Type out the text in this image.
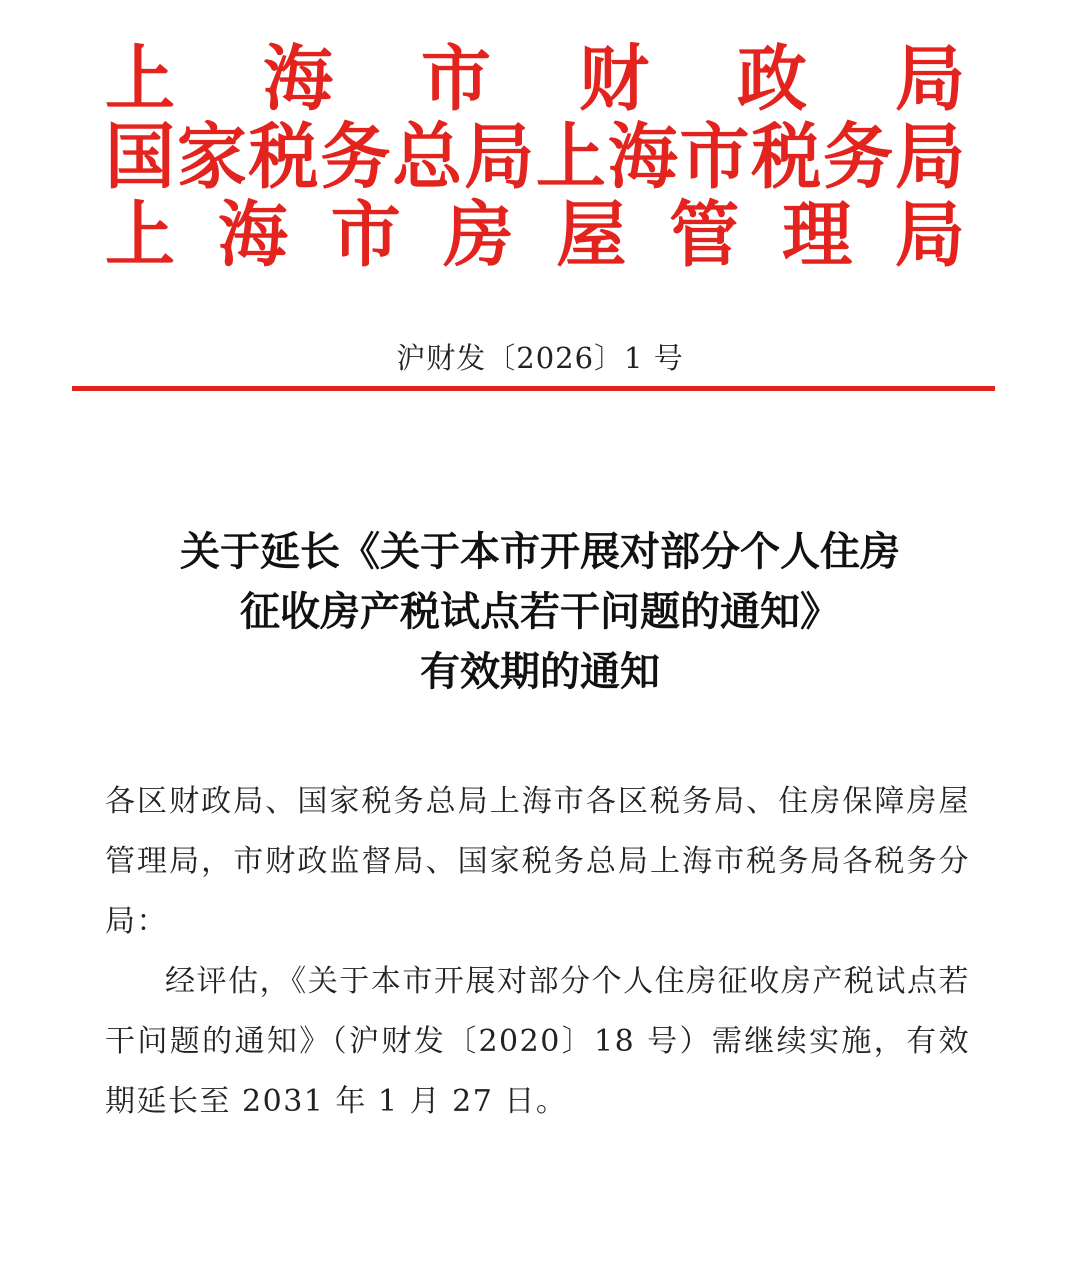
上 海 市 财 政 局
国 家 税 务 总 局 上 海 市 税 务 局
上 海 市 房 屋 管 理 局
沪财发〔2026〕1 号
关于延长《关于本市开展对部分个人住房
征收房产税试点若干问题的通知》
有效期的通知

各区财政局、国家税务总局上海市各区税务局、住房保障房屋管理局，市财政监督局、国家税务总局上海市税务局各税务分局：

经评估，《关于本市开展对部分个人住房征收房产税试点若干问题的通知》（沪财发〔2020〕18 号）需继续实施，有效期延长至 2031 年 1 月 27 日。
